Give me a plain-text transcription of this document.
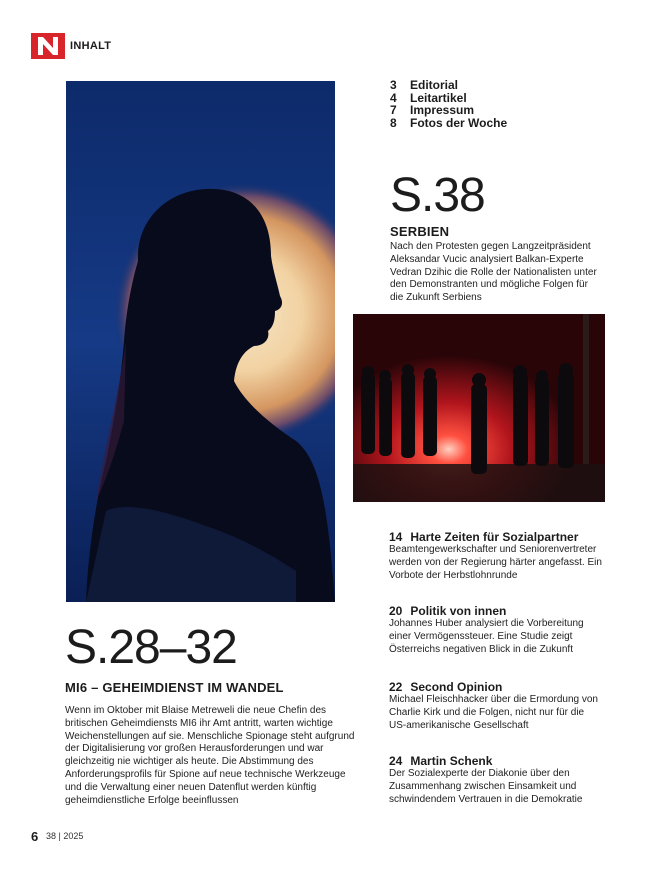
INHALT
3 Editorial
4 Leitartikel
7 Impressum
8 Fotos der Woche
S.38
SERBIEN
Nach den Protesten gegen Langzeitpräsident Aleksandar Vucic analysiert Balkan-Experte Vedran Dzihic die Rolle der Nationalisten unter den Demonstranten und mögliche Folgen für die Zukunft Serbiens
S.28–32
MI6 – GEHEIMDIENST IM WANDEL
Wenn im Oktober mit Blaise Metreweli die neue Chefin des britischen Geheimdiensts MI6 ihr Amt antritt, warten wichtige Weichenstellungen auf sie. Menschliche Spionage steht aufgrund der Digitalisierung vor großen Herausforderungen und war gleichzeitig nie wichtiger als heute. Die Abstimmung des Anforderungsprofils für Spione auf neue technische Werkzeuge und die Verwaltung einer neuen Datenflut werden künftig geheimdienstliche Erfolge beeinflussen
14 Harte Zeiten für Sozialpartner
Beamtengewerkschafter und Seniorenvertreter werden von der Regierung härter angefasst. Ein Vorbote der Herbstlohnrunde
20 Politik von innen
Johannes Huber analysiert die Vorbereitung einer Vermögenssteuer. Eine Studie zeigt Österreichs negativen Blick in die Zukunft
22 Second Opinion
Michael Fleischhacker über die Ermordung von Charlie Kirk und die Folgen, nicht nur für die US-amerikanische Gesellschaft
24 Martin Schenk
Der Sozialexperte der Diakonie über den Zusammenhang zwischen Einsamkeit und schwindendem Vertrauen in die Demokratie
6 38 | 2025
